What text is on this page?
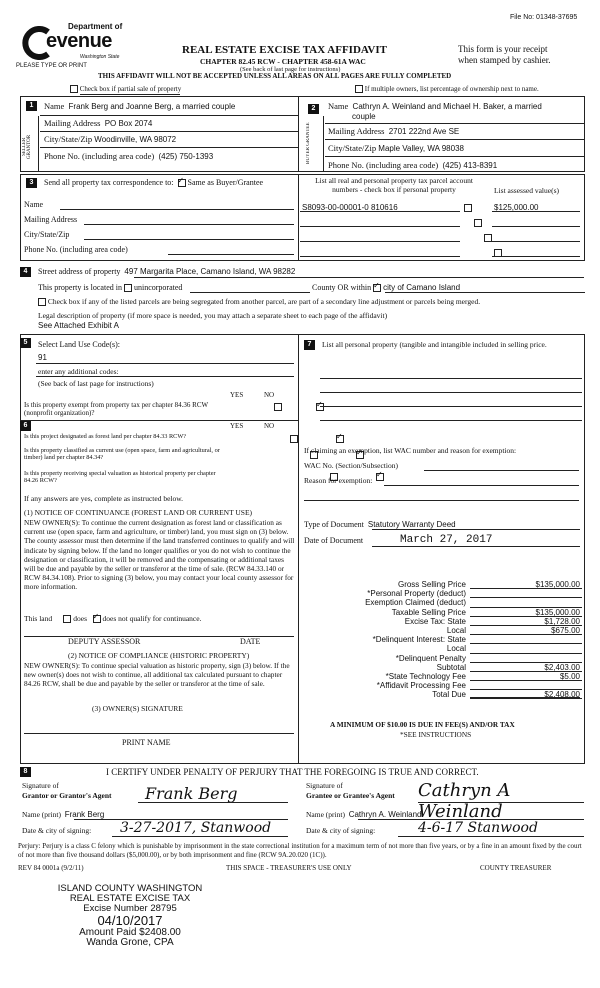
File No: 01348-37695
Department of
evenue
Washington State
PLEASE TYPE OR PRINT
REAL ESTATE EXCISE TAX AFFIDAVIT
CHAPTER 82.45 RCW - CHAPTER 458-61A WAC
(See back of last page for instructions)
This form is your receipt
when stamped by cashier.
THIS AFFIDAVIT WILL NOT BE ACCEPTED UNLESS ALL AREAS ON ALL PAGES ARE FULLY COMPLETED
Check box if partial sale of property	If multiple owners, list percentage of ownership next to name.
1
SELLER GRANTOR
Name Frank Berg and Joanne Berg, a married couple
Mailing Address PO Box 2074
City/State/Zip Woodinville, WA 98072
Phone No. (including area code) (425) 750-1393
2
BUYER GRANTEE
Name Cathryn A. Weinland and Michael H. Baker, a married
couple
Mailing Address 2701 222nd Ave SE
City/State/Zip Maple Valley, WA 98038
Phone No. (including area code) (425) 413-8391
3	Send all property tax correspondence to: ✓ Same as Buyer/Grantee
Name
Mailing Address
City/State/Zip
Phone No. (including area code)
List all real and personal property tax parcel account numbers - check box if personal property	List assessed value(s)
S8093-00-00001-0 810616	$125,000.00

4	Street address of property 497 Margarita Place, Camano Island, WA 98282
This property is located in unincorporated	County OR within ✓ city of Camano Island
Check box if any of the listed parcels are being segregated from another parcel, are part of a secondary line adjustment or parcels being merged.
Legal description of property (if more space is needed, you may attach a separate sheet to each page of the affidavit)
See Attached Exhibit A
5	Select Land Use Code(s):
91
enter any additional codes:
(See back of last page for instructions)
YES	NO
Is this property exempt from property tax per chapter 84.36 RCW (nonprofit organization)?
✓
6	YES	NO
Is this project designated as forest land per chapter 84.33 RCW?
✓
Is this property classified as current use (open space, farm and agricultural, or timber) land per chapter 84.34?
✓
Is this property receiving special valuation as historical property per chapter 84.26 RCW?
✓
If any answers are yes, complete as instructed below.
(1) NOTICE OF CONTINUANCE (FOREST LAND OR CURRENT USE)
NEW OWNER(S): To continue the current designation as forest land or classification as current use (open space, farm and agriculture, or timber) land, you must sign on (3) below. The county assessor must then determine if the land transferred continues to qualify and will indicate by signing below. If the land no longer qualifies or you do not wish to continue the designation or classification, it will be removed and the compensating or additional taxes will be due and payable by the seller or transferor at the time of sale. (RCW 84.33.140 or RCW 84.34.108). Prior to signing (3) below, you may contact your local county assessor for more information.
This land	does ✓ does not qualify for continuance.
DEPUTY ASSESSOR	DATE
(2) NOTICE OF COMPLIANCE (HISTORIC PROPERTY)
NEW OWNER(S): To continue special valuation as historic property, sign (3) below. If the new owner(s) does not wish to continue, all additional tax calculated pursuant to chapter 84.26 RCW, shall be due and payable by the seller or transferor at the time of sale.
(3) OWNER(S) SIGNATURE
PRINT NAME
7	List all personal property (tangible and intangible included in selling price.
If claiming an exemption, list WAC number and reason for exemption:
WAC No. (Section/Subsection)
Reason for exemption:
Type of Document Statutory Warranty Deed
Date of Document	March 27, 2017
Gross Selling Price	$135,000.00
*Personal Property (deduct)
Exemption Claimed (deduct)
Taxable Selling Price	$135,000.00
Excise Tax: State	$1,728.00
Local	$675.00
*Delinquent Interest: State
Local
*Delinquent Penalty
Subtotal	$2,403.00
*State Technology Fee	$5.00
*Affidavit Processing Fee
Total Due	$2,408.00
A MINIMUM OF $10.00 IS DUE IN FEE(S) AND/OR TAX
*SEE INSTRUCTIONS
8	I CERTIFY UNDER PENALTY OF PERJURY THAT THE FOREGOING IS TRUE AND CORRECT.
Signature of
Grantor or Grantor's Agent Frank Berg
Name (print) Frank Berg
Date & city of signing: 3-27-2017, Stanwood
Signature of
Grantee or Grantee's Agent Cathryn A Weinland
Name (print) Cathryn A. Weinland
Date & city of signing:	4-6-17 Stanwood
Perjury: Perjury is a class C felony which is punishable by imprisonment in the state correctional institution for a maximum term of not more than five years, or by a fine in an amount fixed by the court of not more than five thousand dollars ($5,000.00), or by both imprisonment and fine (RCW 9A.20.020 (1C)).
REV 84 0001a (9/2/11)	THIS SPACE - TREASURER'S USE ONLY	COUNTY TREASURER
ISLAND COUNTY WASHINGTON
REAL ESTATE EXCISE TAX
Excise Number 28795
04/10/2017
Amount Paid $2408.00
Wanda Grone, CPA
